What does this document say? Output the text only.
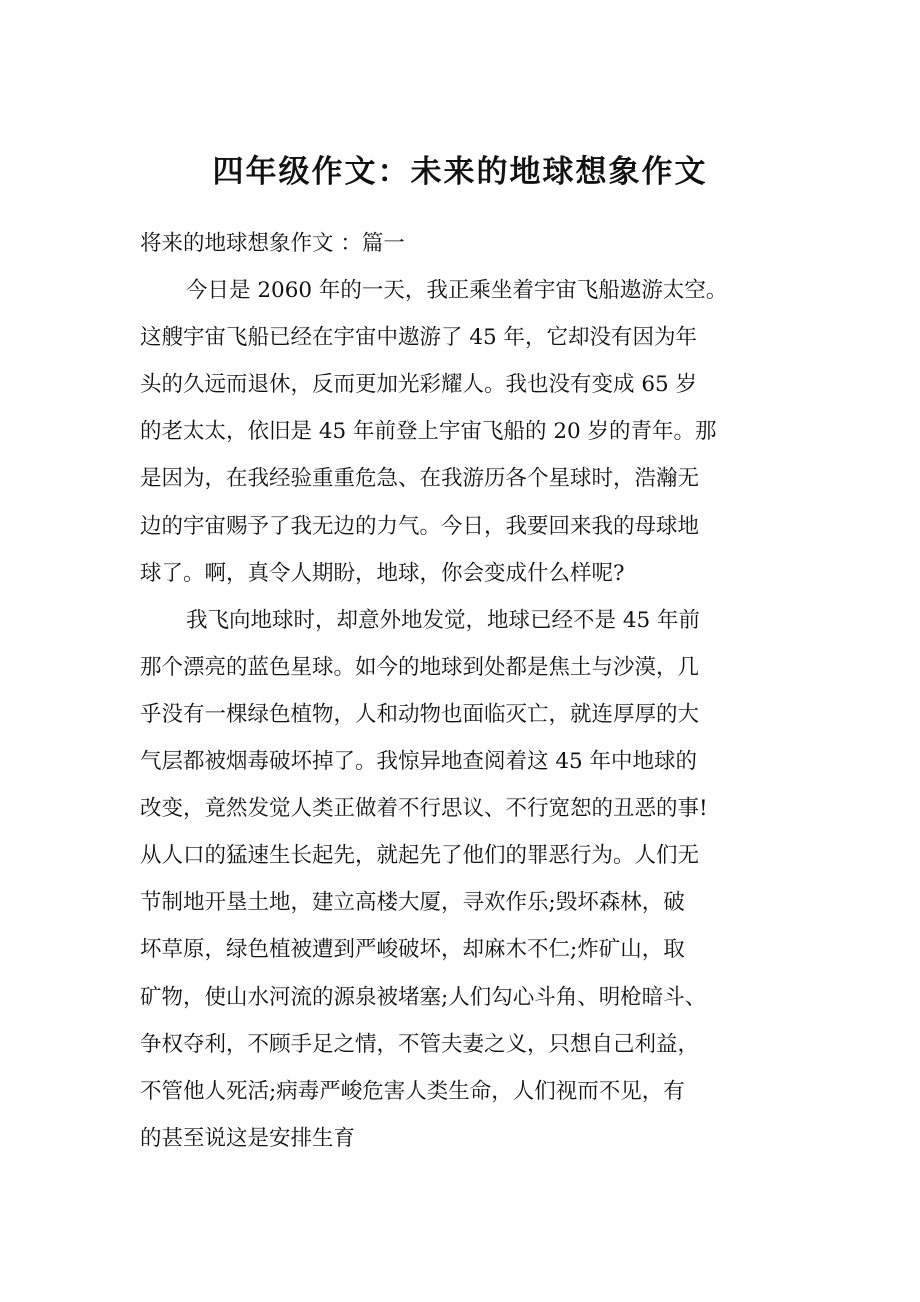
四年级作文：未来的地球想象作文
将来的地球想象作文 ：篇一
今日是 2060 年的一天，我正乘坐着宇宙飞船遨游太空。
这艘宇宙飞船已经在宇宙中遨游了 45 年，它却没有因为年
头的久远而退休，反而更加光彩耀人。我也没有变成 65 岁
的老太太，依旧是 45 年前登上宇宙飞船的 20 岁的青年。那
是因为，在我经验重重危急、在我游历各个星球时，浩瀚无
边的宇宙赐予了我无边的力气。今日，我要回来我的母球地
球了。啊，真令人期盼，地球，你会变成什么样呢?
我飞向地球时，却意外地发觉，地球已经不是 45 年前
那个漂亮的蓝色星球。如今的地球到处都是焦土与沙漠，几
乎没有一棵绿色植物，人和动物也面临灭亡，就连厚厚的大
气层都被烟毒破坏掉了。我惊异地查阅着这 45 年中地球的
改变，竟然发觉人类正做着不行思议、不行宽恕的丑恶的事!
从人口的猛速生长起先，就起先了他们的罪恶行为。人们无
节制地开垦土地，建立高楼大厦，寻欢作乐;毁坏森林，破
坏草原，绿色植被遭到严峻破坏，却麻木不仁;炸矿山，取
矿物，使山水河流的源泉被堵塞;人们勾心斗角、明枪暗斗、
争权夺利，不顾手足之情，不管夫妻之义，只想自己利益，
不管他人死活;病毒严峻危害人类生命，人们视而不见，有
的甚至说这是安排生育
